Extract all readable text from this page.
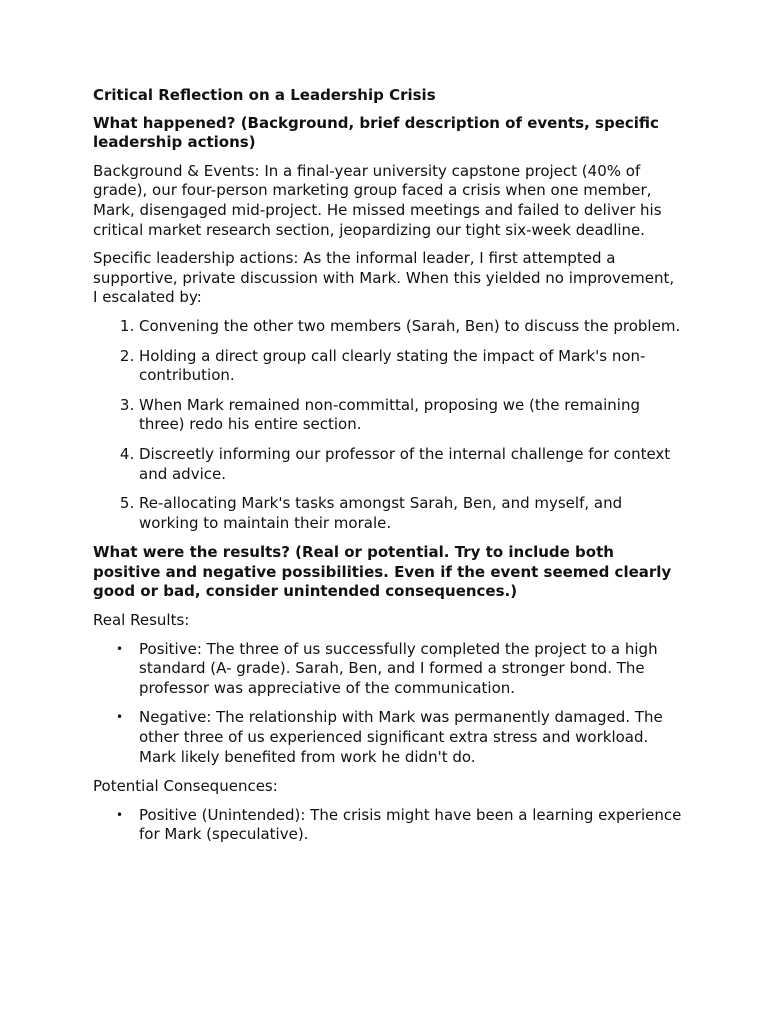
Critical Reflection on a Leadership Crisis
What happened? (Background, brief description of events, specific leadership actions)

Background & Events: In a final-year university capstone project (40% of grade), our four-person marketing group faced a crisis when one member, Mark, disengaged mid-project. He missed meetings and failed to deliver his critical market research section, jeopardizing our tight six-week deadline.

Specific leadership actions: As the informal leader, I first attempted a supportive, private discussion with Mark. When this yielded no improvement, I escalated by:

1. Convening the other two members (Sarah, Ben) to discuss the problem.
2. Holding a direct group call clearly stating the impact of Mark's non-contribution.
3. When Mark remained non-committal, proposing we (the remaining three) redo his entire section.
4. Discreetly informing our professor of the internal challenge for context and advice.
5. Re-allocating Mark's tasks amongst Sarah, Ben, and myself, and working to maintain their morale.
What were the results? (Real or potential. Try to include both positive and negative possibilities. Even if the event seemed clearly good or bad, consider unintended consequences.)

Real Results:

• Positive: The three of us successfully completed the project to a high standard (A- grade). Sarah, Ben, and I formed a stronger bond. The professor was appreciative of the communication.
• Negative: The relationship with Mark was permanently damaged. The other three of us experienced significant extra stress and workload. Mark likely benefited from work he didn't do.

Potential Consequences:

• Positive (Unintended): The crisis might have been a learning experience for Mark (speculative).
